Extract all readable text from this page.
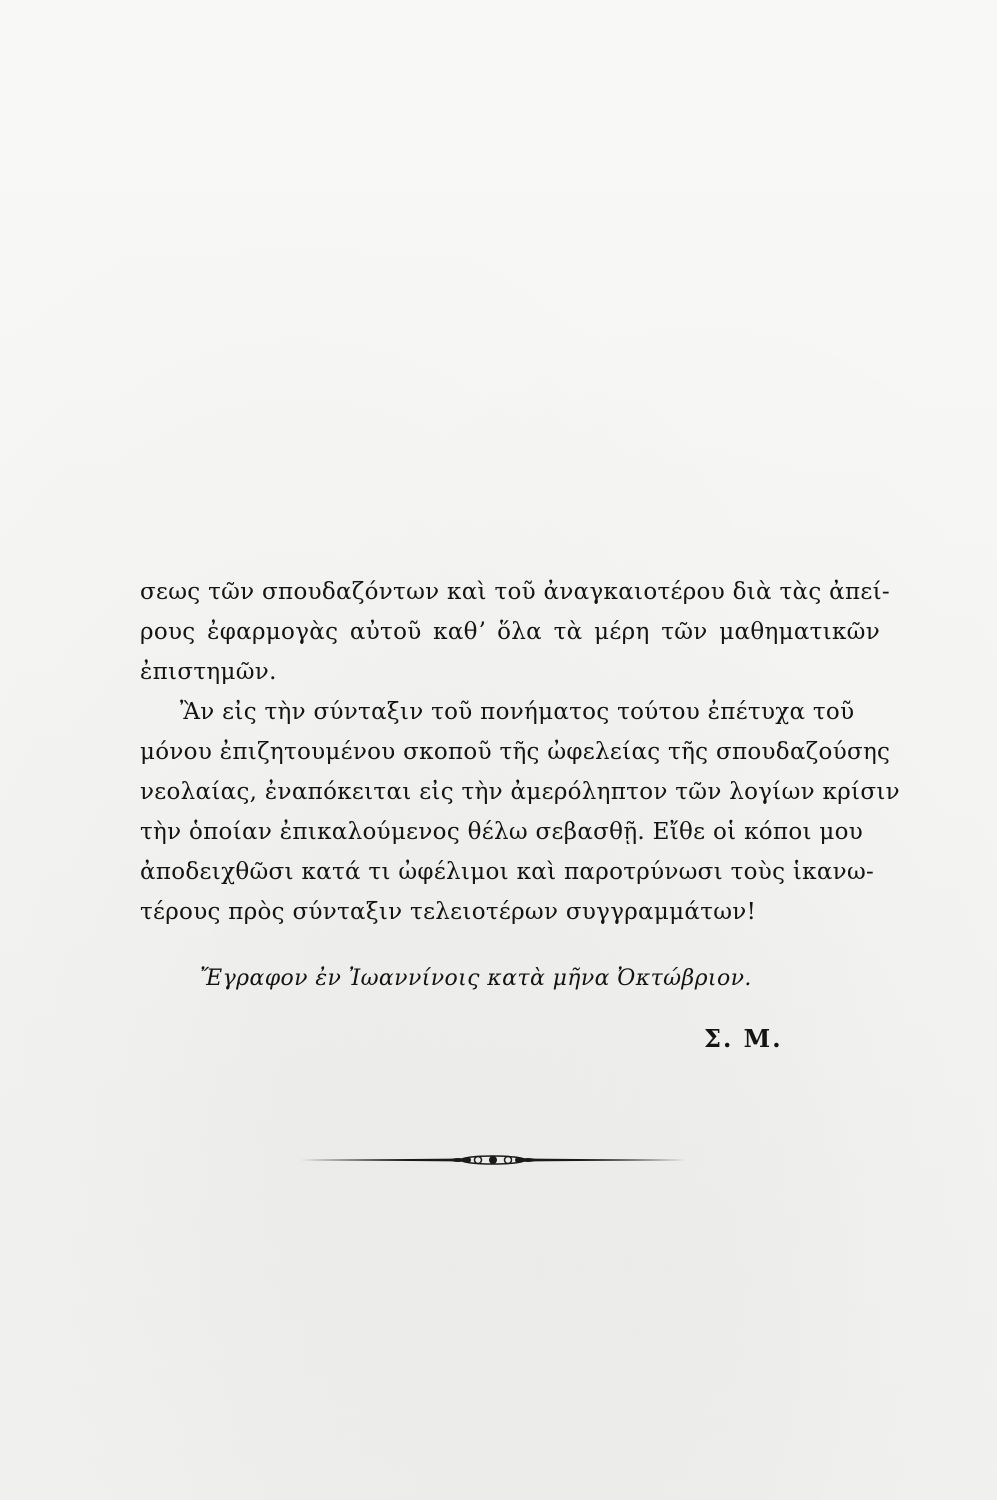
σεως τῶν σπουδαζόντων καὶ τοῦ ἀναγκαιοτέρου διὰ τὰς ἀπεί-
ρους ἐφαρμογὰς αὐτοῦ καθʼ ὅλα τὰ μέρη τῶν μαθηματικῶν
ἐπιστημῶν.
Ἂν εἰς τὴν σύνταξιν τοῦ πονήματος τούτου ἐπέτυχα τοῦ
μόνου ἐπιζητουμένου σκοποῦ τῆς ὠφελείας τῆς σπουδαζούσης
νεολαίας, ἐναπόκειται εἰς τὴν ἀμερόληπτον τῶν λογίων κρίσιν
τὴν ὁποίαν ἐπικαλούμενος θέλω σεβασθῇ. Εἴθε οἱ κόποι μου
ἀποδειχθῶσι κατά τι ὠφέλιμοι καὶ παροτρύνωσι τοὺς ἱκανω-
τέρους πρὸς σύνταξιν τελειοτέρων συγγραμμάτων!
Ἔγραφον ἐν Ἰωαννίνοις κατὰ μῆνα Ὀκτώβριον.
Σ. Μ.
